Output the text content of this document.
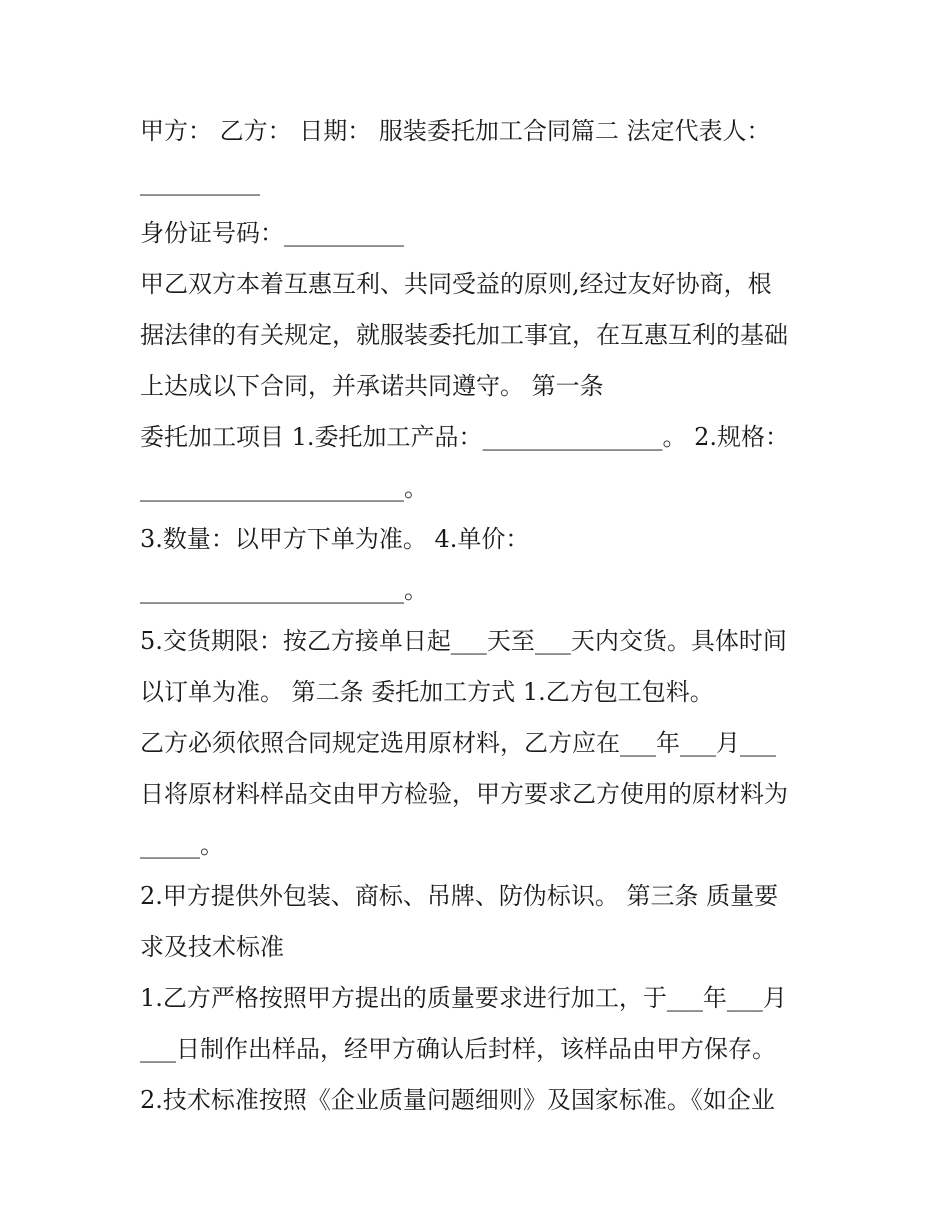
甲方： 乙方： 日期： 服装委托加工合同篇二 法定代表人：
__________
身份证号码：__________
甲乙双方本着互惠互利、共同受益的原则,经过友好协商，根
据法律的有关规定，就服装委托加工事宜，在互惠互利的基础
上达成以下合同，并承诺共同遵守。 第一条
委托加工项目 1.委托加工产品：_______________。 2.规格：
______________________。
3.数量：以甲方下单为准。 4.单价：
______________________。
5.交货期限：按乙方接单日起___天至___天内交货。具体时间
以订单为准。 第二条 委托加工方式 1.乙方包工包料。
乙方必须依照合同规定选用原材料，乙方应在___年___月___
日将原材料样品交由甲方检验，甲方要求乙方使用的原材料为
_____。
2.甲方提供外包装、商标、吊牌、防伪标识。 第三条 质量要
求及技术标准
1.乙方严格按照甲方提出的质量要求进行加工，于___年___月
___日制作出样品，经甲方确认后封样，该样品由甲方保存。
2.技术标准按照《企业质量问题细则》及国家标准。《如企业
